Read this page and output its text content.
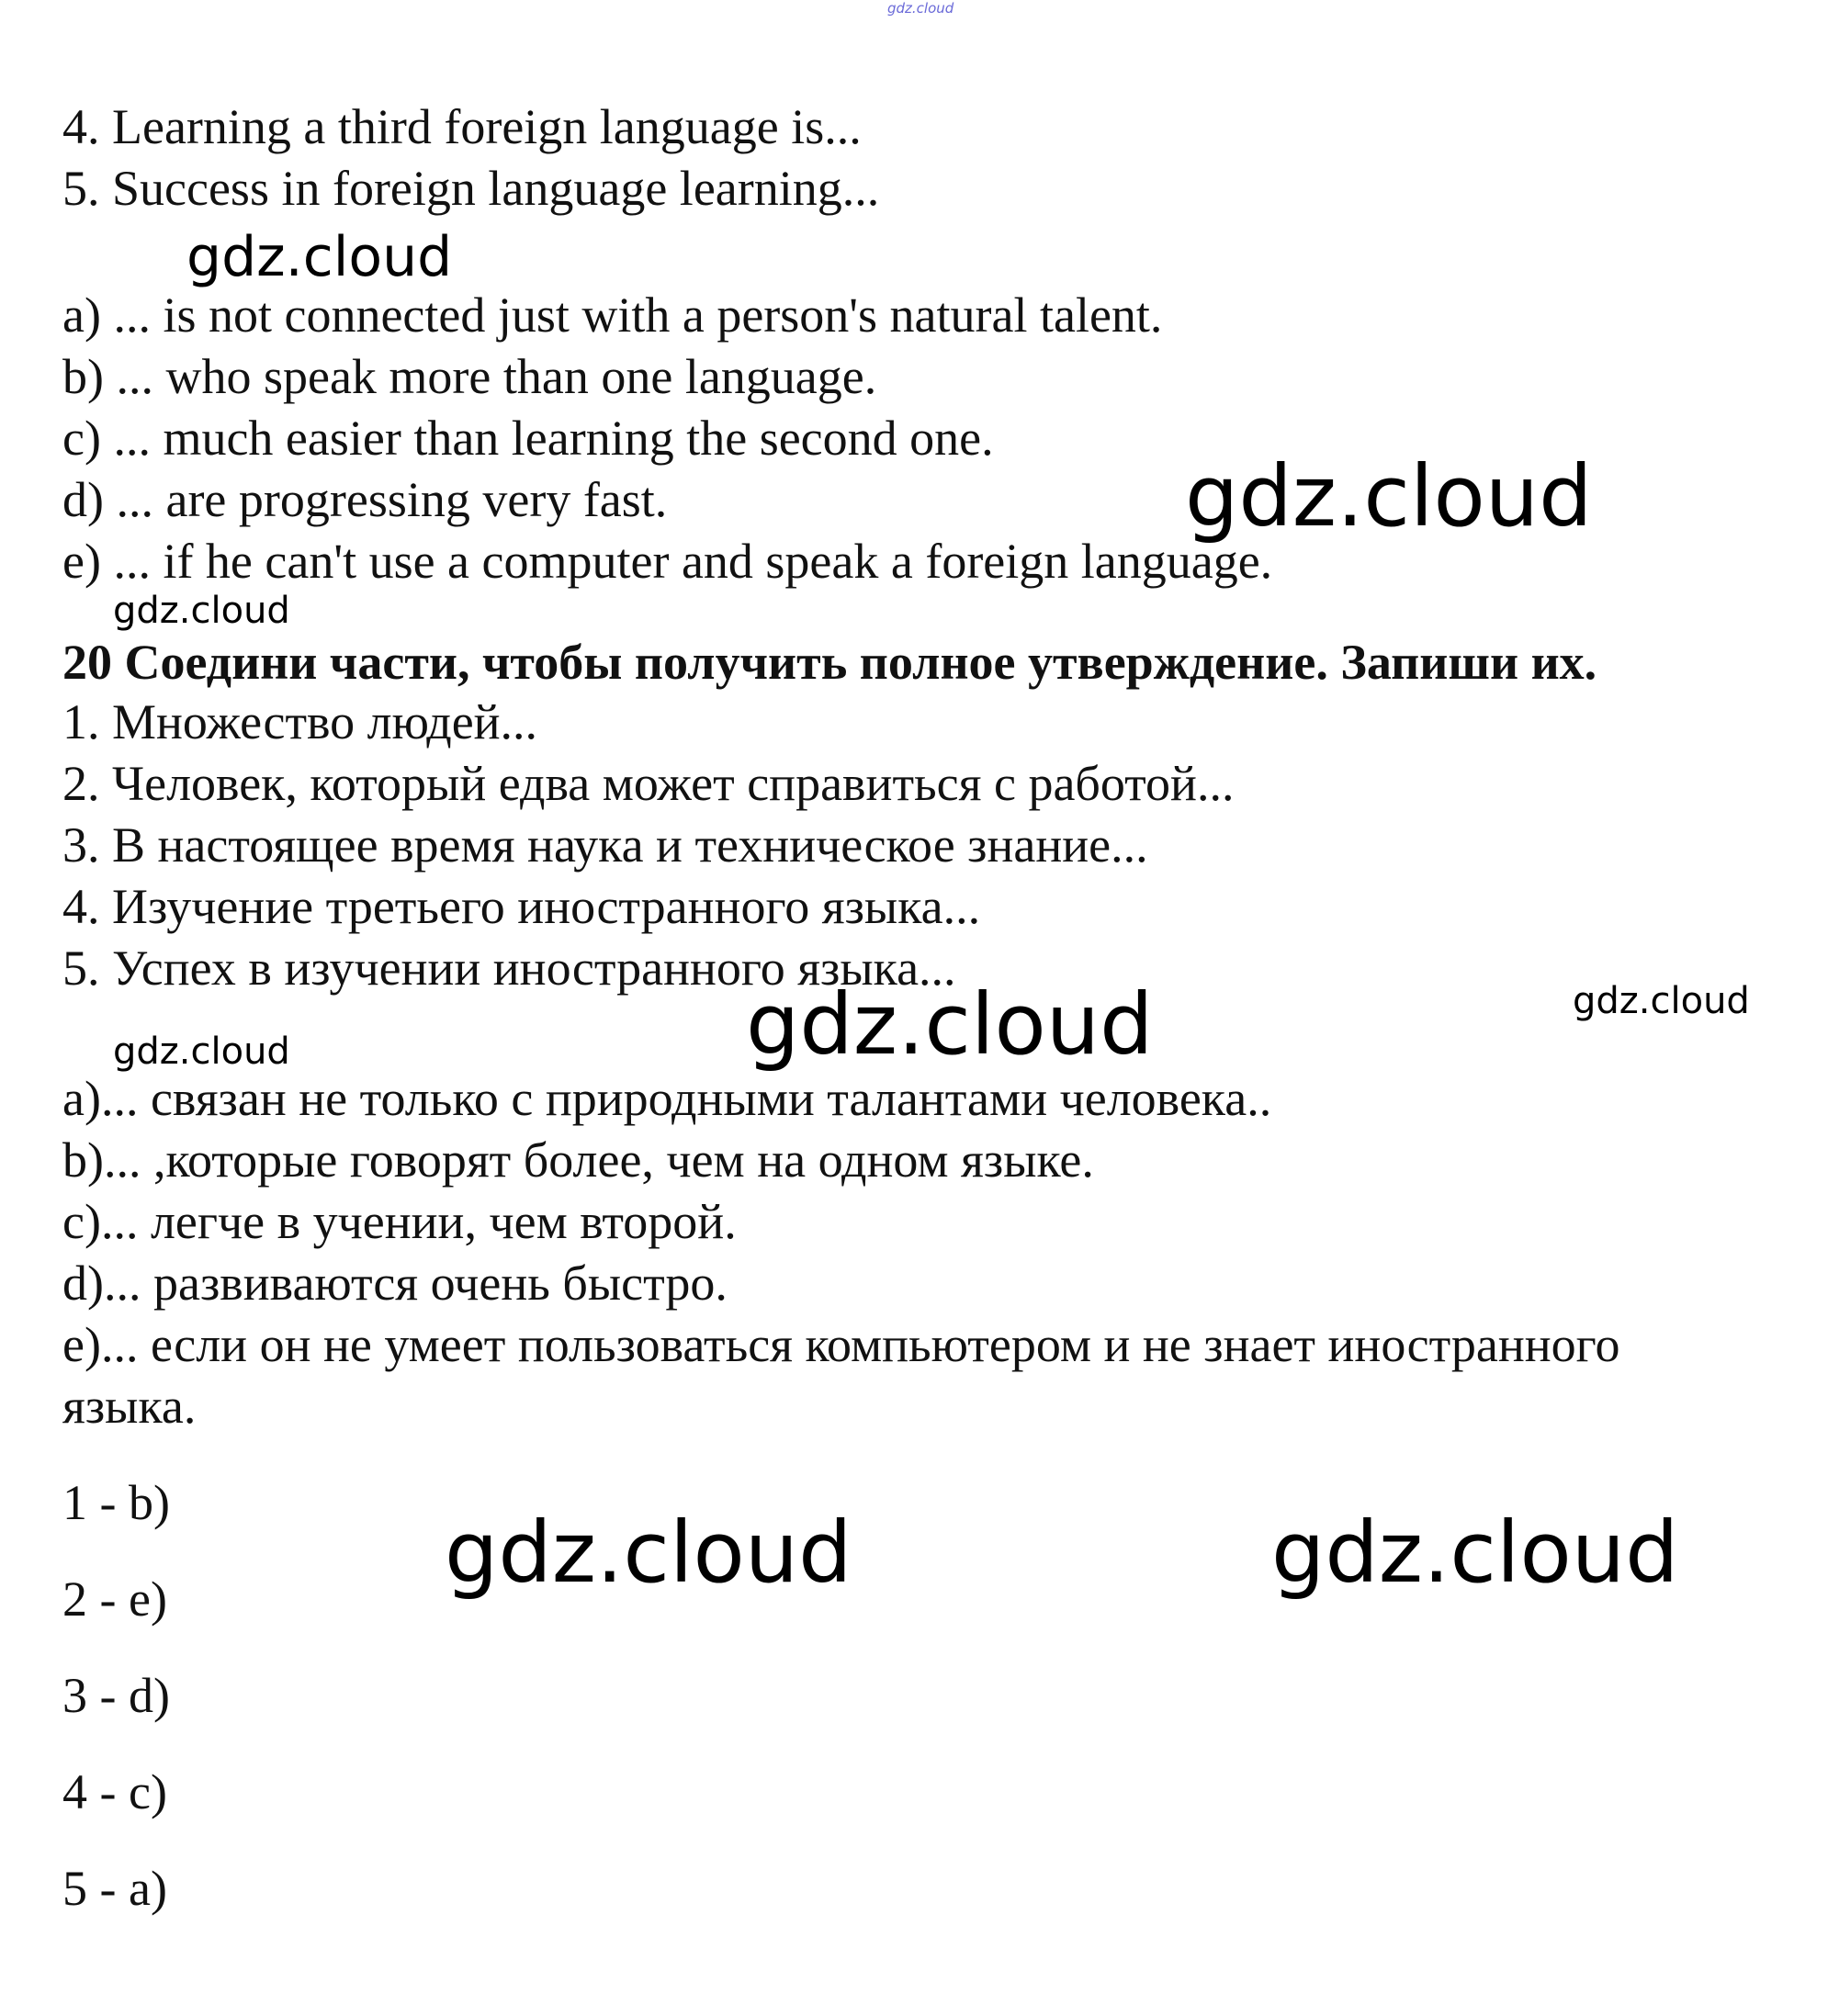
gdz.cloud
4. Learning a third foreign language is...
5. Success in foreign language learning...
gdz.cloud
a) ... is not connected just with a person's natural talent.
b) ... who speak more than one language.
c) ... much easier than learning the second one.
d) ... are progressing very fast.
e) ... if he can't use a computer and speak a foreign language.
gdz.cloud
gdz.cloud
20 Соедини части, чтобы получить полное утверждение. Запиши их.
1. Множество людей...
2. Человек, который едва может справиться с работой...
3. В настоящее время наука и техническое знание...
4. Изучение третьего иностранного языка...
5. Успех в изучении иностранного языка...
gdz.cloud	gdz.cloud
gdz.cloud
a)... связан не только с природными талантами человека..
b)... ,которые говорят более, чем на одном языке.
c)... легче в учении, чем второй.
d)... развиваются очень быстро.
e)... если он не умеет пользоваться компьютером и не знает иностранного
языка.
1 - b)
2 - e)
3 - d)
4 - c)
5 - a)
gdz.cloud	gdz.cloud
